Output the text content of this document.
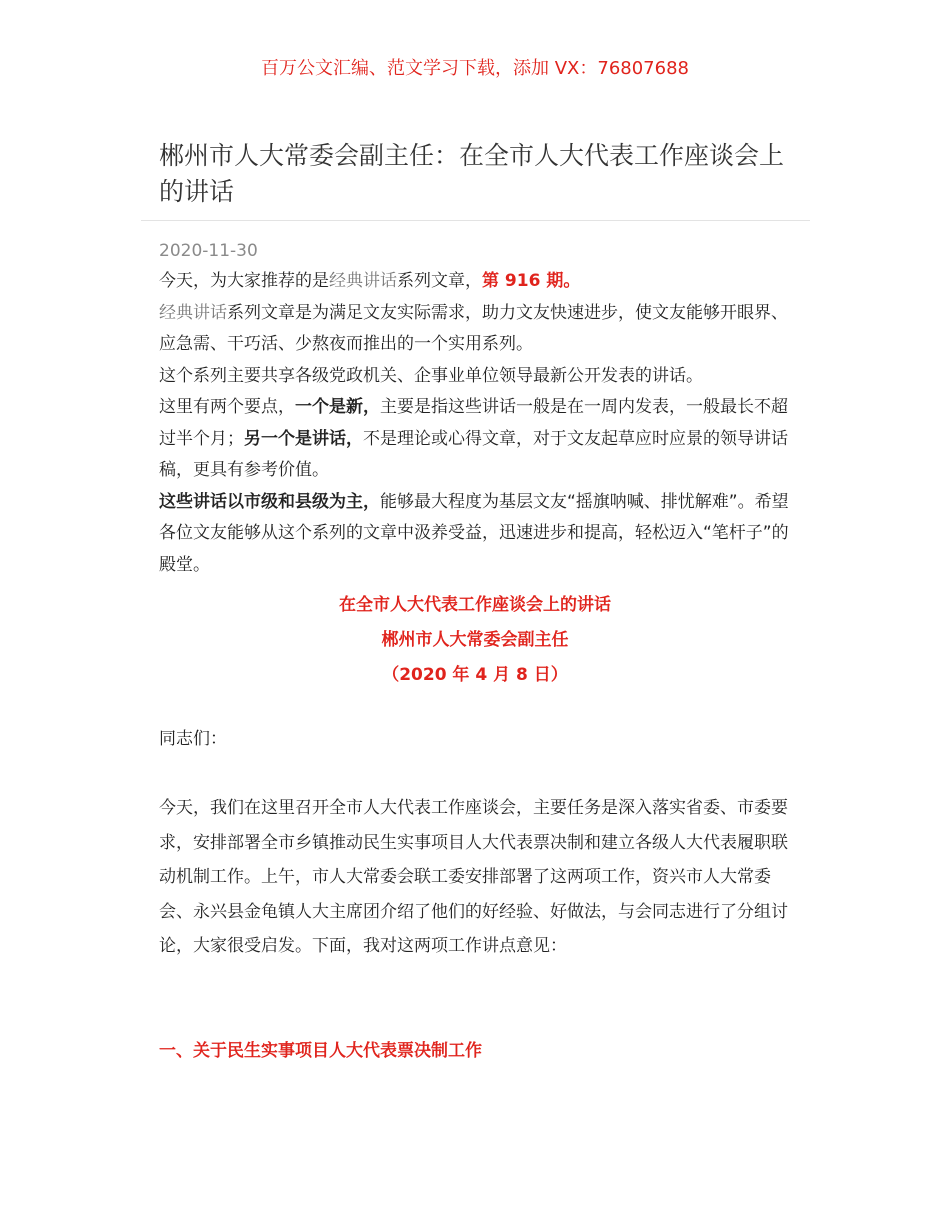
百万公文汇编、范文学习下载，添加 VX：76807688
郴州市人大常委会副主任：在全市人大代表工作座谈会上的讲话
2020-11-30

今天，为大家推荐的是经典讲话系列文章，第 916 期。

经典讲话系列文章是为满足文友实际需求，助力文友快速进步，使文友能够开眼界、应急需、干巧活、少熬夜而推出的一个实用系列。

这个系列主要共享各级党政机关、企事业单位领导最新公开发表的讲话。

这里有两个要点，一个是新，主要是指这些讲话一般是在一周内发表，一般最长不超过半个月；另一个是讲话，不是理论或心得文章，对于文友起草应时应景的领导讲话稿，更具有参考价值。

这些讲话以市级和县级为主，能够最大程度为基层文友“摇旗呐喊、排忧解难”。希望各位文友能够从这个系列的文章中汲养受益，迅速进步和提高，轻松迈入“笔杆子”的殿堂。

在全市人大代表工作座谈会上的讲话
郴州市人大常委会副主任
（2020 年 4 月 8 日）

同志们：

今天，我们在这里召开全市人大代表工作座谈会，主要任务是深入落实省委、市委要求，安排部署全市乡镇推动民生实事项目人大代表票决制和建立各级人大代表履职联动机制工作。上午，市人大常委会联工委安排部署了这两项工作，资兴市人大常委会、永兴县金龟镇人大主席团介绍了他们的好经验、好做法，与会同志进行了分组讨论，大家很受启发。下面，我对这两项工作讲点意见：

一、关于民生实事项目人大代表票决制工作
